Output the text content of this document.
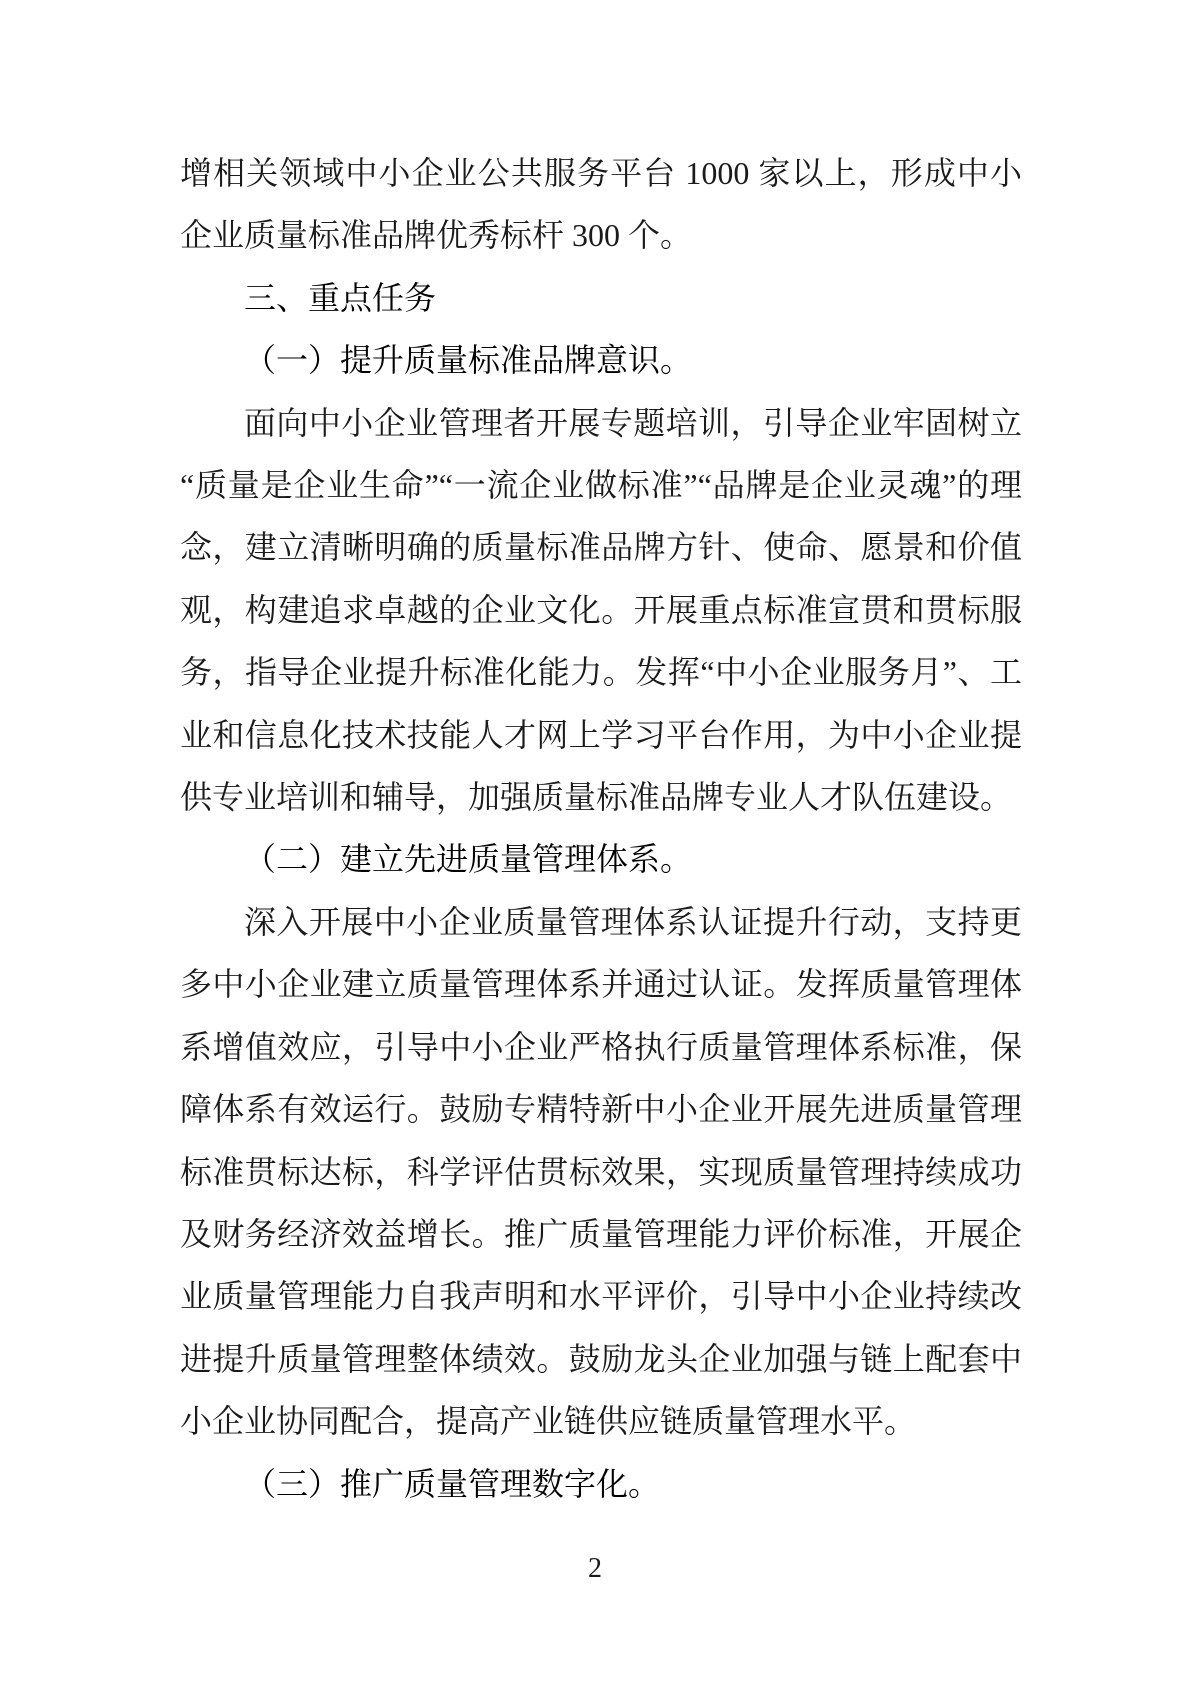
增相关领域中小企业公共服务平台 1000 家以上，形成中小企业质量标准品牌优秀标杆 300 个。

三、重点任务
（一）提升质量标准品牌意识。

面向中小企业管理者开展专题培训，引导企业牢固树立“质量是企业生命”“一流企业做标准”“品牌是企业灵魂”的理念，建立清晰明确的质量标准品牌方针、使命、愿景和价值观，构建追求卓越的企业文化。开展重点标准宣贯和贯标服务，指导企业提升标准化能力。发挥“中小企业服务月”、工业和信息化技术技能人才网上学习平台作用，为中小企业提供专业培训和辅导，加强质量标准品牌专业人才队伍建设。

（二）建立先进质量管理体系。

深入开展中小企业质量管理体系认证提升行动，支持更多中小企业建立质量管理体系并通过认证。发挥质量管理体系增值效应，引导中小企业严格执行质量管理体系标准，保障体系有效运行。鼓励专精特新中小企业开展先进质量管理标准贯标达标，科学评估贯标效果，实现质量管理持续成功及财务经济效益增长。推广质量管理能力评价标准，开展企业质量管理能力自我声明和水平评价，引导中小企业持续改进提升质量管理整体绩效。鼓励龙头企业加强与链上配套中小企业协同配合，提高产业链供应链质量管理水平。

（三）推广质量管理数字化。
2
